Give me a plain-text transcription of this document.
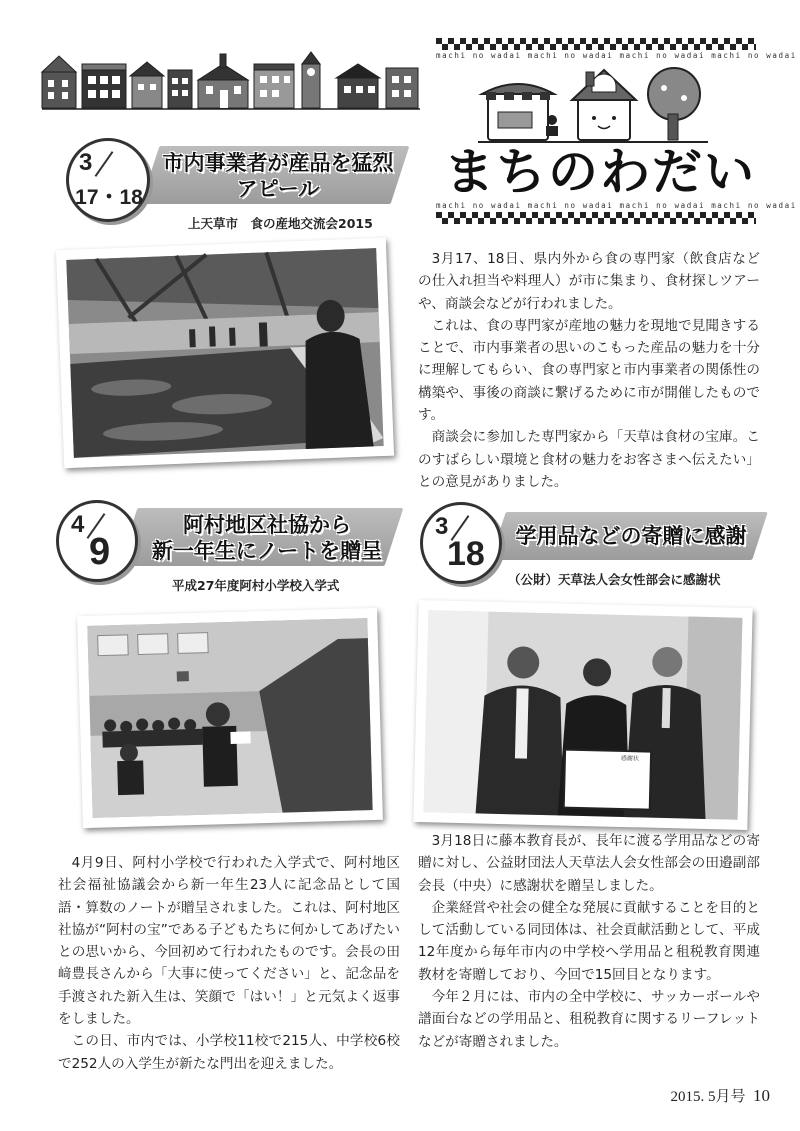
machi no wadai machi no wadai machi no wadai machi no wadai
まちのわだい
machi no wadai machi no wadai machi no wadai machi no wadai
3
17・18
市内事業者が産品を猛烈
アピール
上天草市　食の産地交流会2015

3月17、18日、県内外から食の専門家（飲食店などの仕入れ担当や料理人）が市に集まり、食材探しツアーや、商談会などが行われました。

これは、食の専門家が産地の魅力を現地で見聞きすることで、市内事業者の思いのこもった産品の魅力を十分に理解してもらい、食の専門家と市内事業者の関係性の構築や、事後の商談に繋げるために市が開催したものです。

商談会に参加した専門家から「天草は食材の宝庫。このすばらしい環境と食材の魅力をお客さまへ伝えたい」との意見がありました。

4
9
阿村地区社協から
新一年生にノートを贈呈
平成27年度阿村小学校入学式

4月9日、阿村小学校で行われた入学式で、阿村地区社会福祉協議会から新一年生23人に記念品として国語・算数のノートが贈呈されました。これは、阿村地区社協が“阿村の宝”である子どもたちに何かしてあげたいとの思いから、今回初めて行われたものです。会長の田﨑豊長さんから「大事に使ってください」と、記念品を手渡された新入生は、笑顔で「はい！」と元気よく返事をしました。

この日、市内では、小学校11校で215人、中学校6校で252人の入学生が新たな門出を迎えました。

3
18	学用品などの寄贈に感謝
（公財）天草法人会女性部会に感謝状
感謝状

3月18日に藤本教育長が、長年に渡る学用品などの寄贈に対し、公益財団法人天草法人会女性部会の田邉副部会長（中央）に感謝状を贈呈しました。

企業経営や社会の健全な発展に貢献することを目的として活動している同団体は、社会貢献活動として、平成12年度から毎年市内の中学校へ学用品と租税教育関連教材を寄贈しており、今回で15回目となります。

今年２月には、市内の全中学校に、サッカーボールや譜面台などの学用品と、租税教育に関するリーフレットなどが寄贈されました。

2015. 5月号 10
